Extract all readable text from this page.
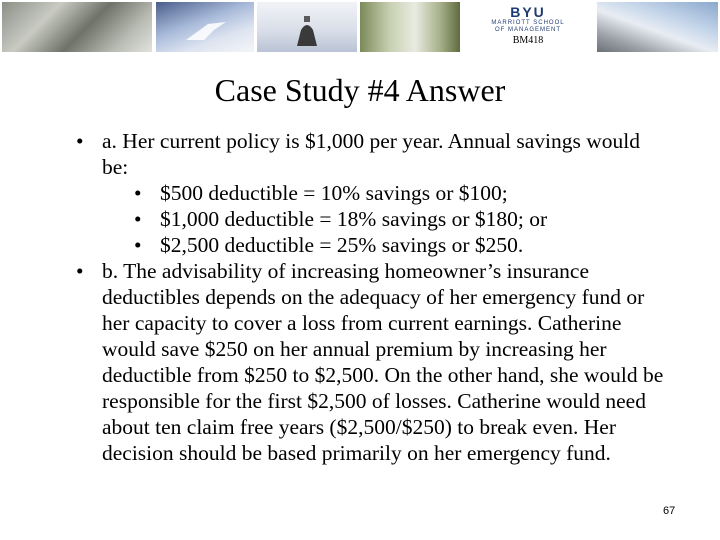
BYU
MARRIOTT SCHOOL
OF MANAGEMENT
BM418
Case Study #4 Answer
• a. Her current policy is $1,000 per year. Annual savings would be:
• $500 deductible = 10% savings or $100;
• $1,000 deductible = 18% savings or $180; or
• $2,500 deductible = 25% savings or $250.
• b. The advisability of increasing homeowner’s insurance deductibles depends on the adequacy of her emergency fund or her capacity to cover a loss from current earnings. Catherine would save $250 on her annual premium by increasing her deductible from $250 to $2,500. On the other hand, she would be responsible for the first $2,500 of losses. Catherine would need about ten claim free years ($2,500/$250) to break even. Her decision should be based primarily on her emergency fund.
67
